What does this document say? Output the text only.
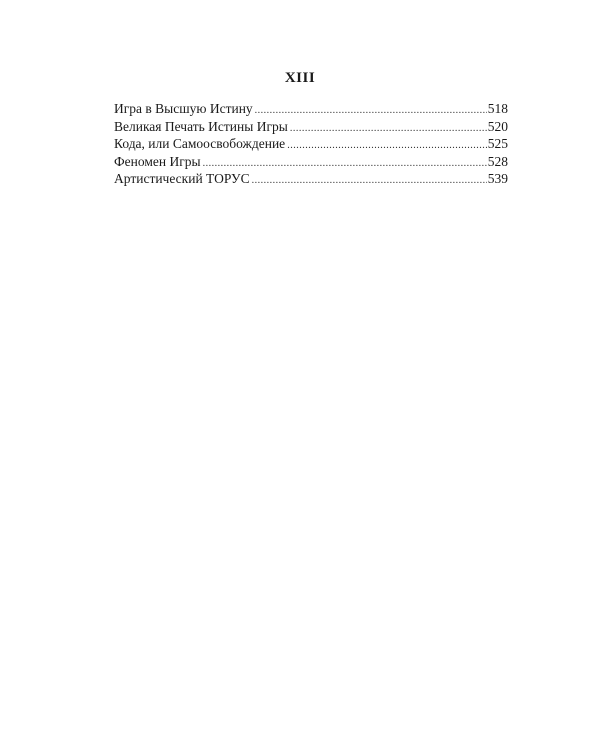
XIII
Игра в Высшую Истину .....	518
Великая Печать Истины Игры .....	520
Кода, или Самоосвобождение .....	525
Феномен Игры .....	528
Артистический ТОРУС .....	539
